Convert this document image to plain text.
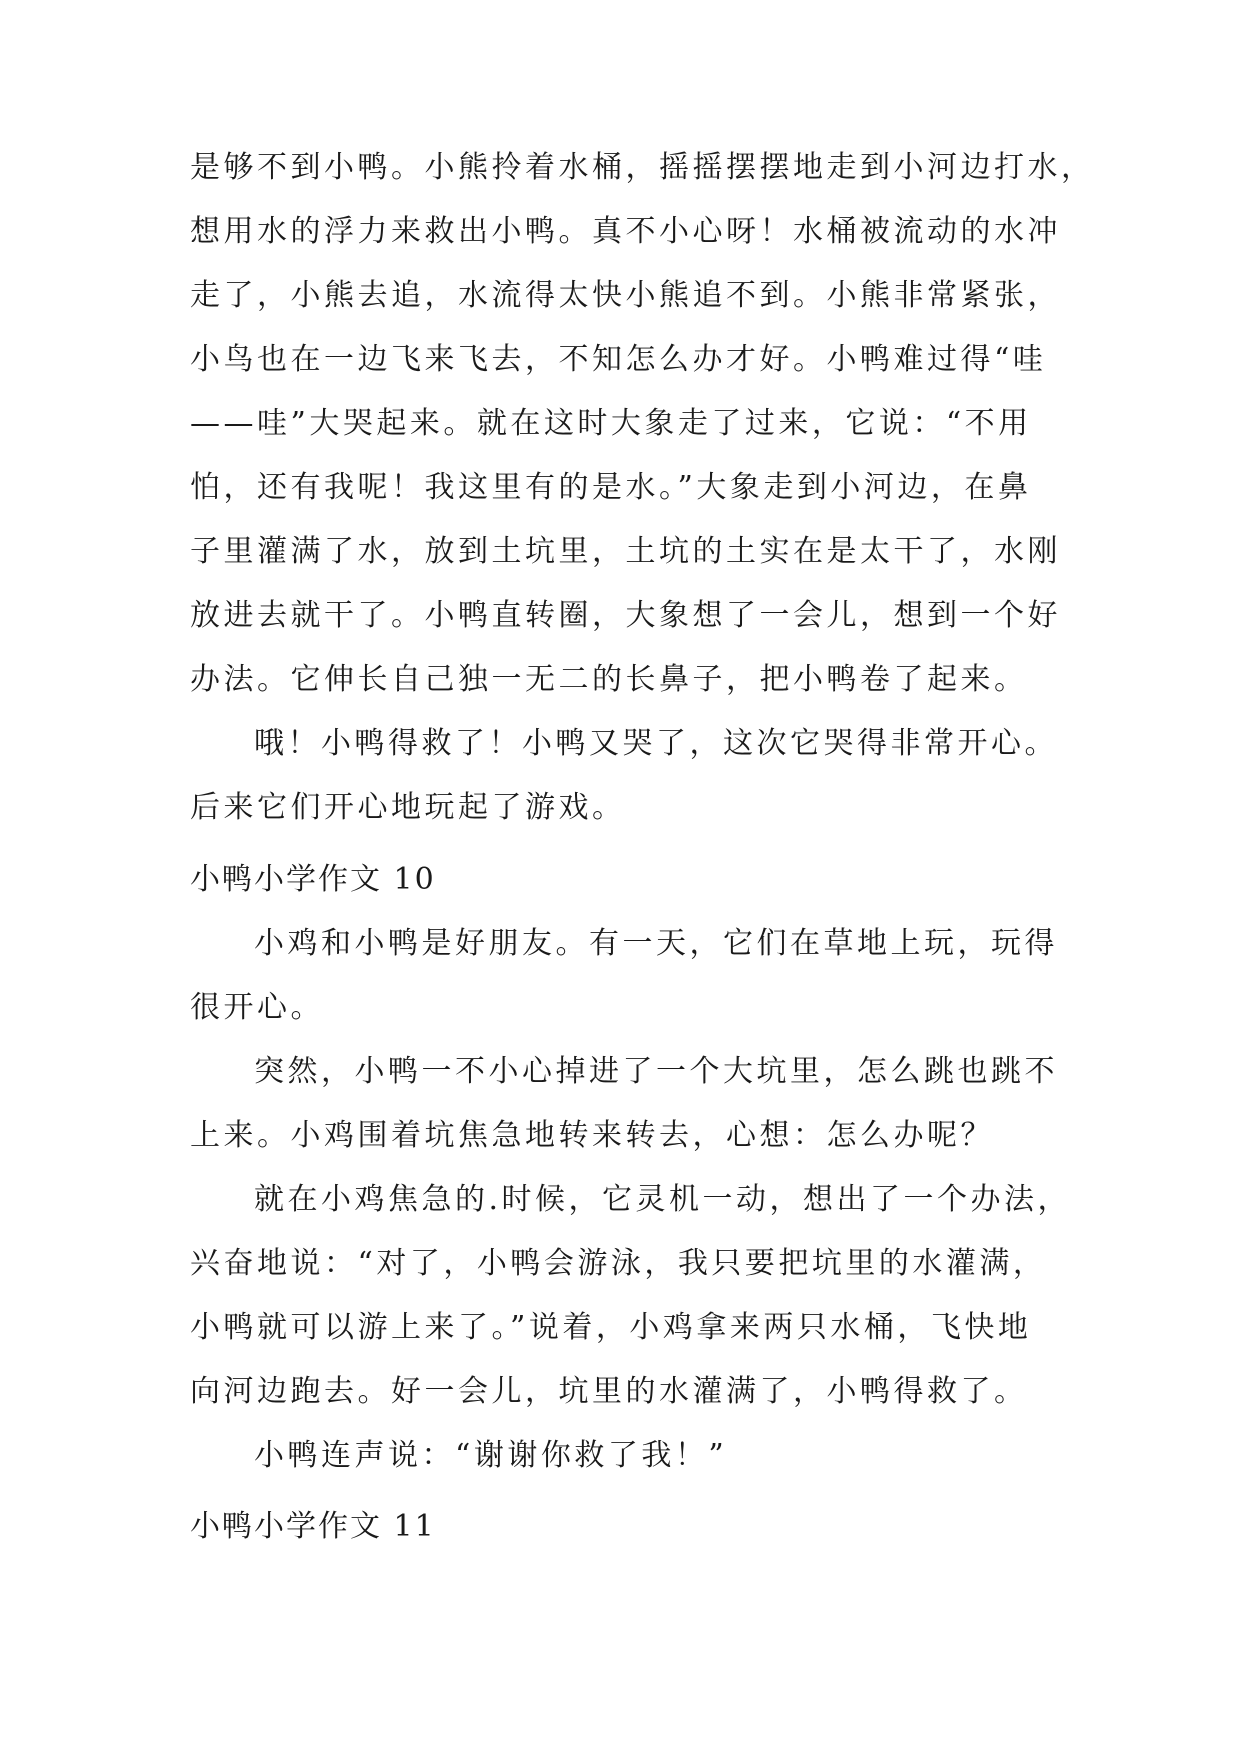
是够不到小鸭。小熊拎着水桶，摇摇摆摆地走到小河边打水，
想用水的浮力来救出小鸭。真不小心呀！水桶被流动的水冲
走了，小熊去追，水流得太快小熊追不到。小熊非常紧张，
小鸟也在一边飞来飞去，不知怎么办才好。小鸭难过得“哇
——哇”大哭起来。就在这时大象走了过来，它说：“不用
怕，还有我呢！我这里有的是水。”大象走到小河边，在鼻
子里灌满了水，放到土坑里，土坑的土实在是太干了，水刚
放进去就干了。小鸭直转圈，大象想了一会儿，想到一个好
办法。它伸长自己独一无二的长鼻子，把小鸭卷了起来。
哦！小鸭得救了！小鸭又哭了，这次它哭得非常开心。
后来它们开心地玩起了游戏。
小鸭小学作文 10
小鸡和小鸭是好朋友。有一天，它们在草地上玩，玩得
很开心。
突然，小鸭一不小心掉进了一个大坑里，怎么跳也跳不
上来。小鸡围着坑焦急地转来转去，心想：怎么办呢？
就在小鸡焦急的.时候，它灵机一动，想出了一个办法，
兴奋地说：“对了，小鸭会游泳，我只要把坑里的水灌满，
小鸭就可以游上来了。”说着，小鸡拿来两只水桶，飞快地
向河边跑去。好一会儿，坑里的水灌满了，小鸭得救了。
小鸭连声说：“谢谢你救了我！”
小鸭小学作文 11
